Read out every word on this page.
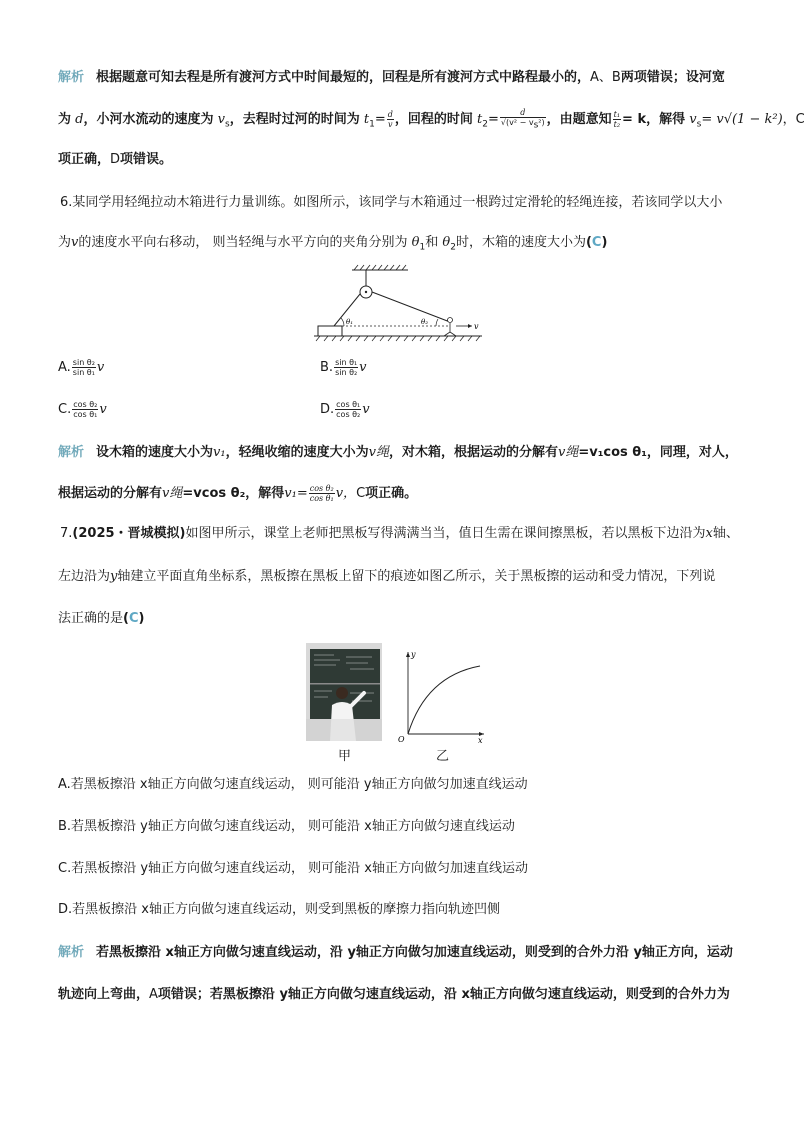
解析 根据题意可知去程是所有渡河方式中时间最短的，回程是所有渡河方式中路程最小的，A、B两项错误；设河宽
为 d，小河水流动的速度为 $v_s$，去程时过河的时间为 $t_1= \frac{d}{v}$ ，回程的时间 $t_2= \frac{d}{\text{√(v² − vs²)}}$ ，由题意知 $\frac{\text{t₁}}{\text{t₂}} = k$，解得 $v_s= v√(1 - k^2)$，C
项正确，D项错误。
6.某同学用轻绳拉动木箱进行力量训练。如图所示，该同学与木箱通过一根跨过定滑轮的轻绳连接，若该同学以大小
为v的速度水平向右移动， 则当轻绳与水平方向的夹角分别为 $\theta_1$和 $\theta_2$时，木箱的速度大小为(C)
θ₁	θ₂	v
A. $\frac{\text{sin θ₂}}{\text{sin θ₁}}$ v	B. $\frac{\text{sin θ₁}}{\text{sin θ₂}}$ v
C. $\frac{\text{cos θ₂}}{\text{cos θ₁}}$ v	D. $\frac{\text{cos θ₁}}{\text{cos θ₂}}$ v
解析 设木箱的速度大小为v₁，轻绳收缩的速度大小为v绳，对木箱，根据运动的分解有v绳=v₁cos θ₁，同理，对人，
根据运动的分解有v绳=vcos θ₂，解得$v_1= \frac{\text{cos θ₂}}{\text{cos θ₁}}$ v，C项正确。
7.(2025・晋城模拟)如图甲所示，课堂上老师把黑板写得满满当当，值日生需在课间擦黑板，若以黑板下边沿为x轴、
左边沿为y轴建立平面直角坐标系，黑板擦在黑板上留下的痕迹如图乙所示，关于黑板擦的运动和受力情况，下列说
法正确的是(C)
甲
y
O	x
乙
A.若黑板擦沿 x轴正方向做匀速直线运动， 则可能沿 y轴正方向做匀加速直线运动
B.若黑板擦沿 y轴正方向做匀速直线运动， 则可能沿 x轴正方向做匀速直线运动
C.若黑板擦沿 y轴正方向做匀速直线运动， 则可能沿 x轴正方向做匀加速直线运动
D.若黑板擦沿 x轴正方向做匀速直线运动，则受到黑板的摩擦力指向轨迹凹侧
解析 若黑板擦沿 x轴正方向做匀速直线运动，沿 y轴正方向做匀加速直线运动，则受到的合外力沿 y轴正方向，运动
轨迹向上弯曲，A项错误；若黑板擦沿 y轴正方向做匀速直线运动，沿 x轴正方向做匀速直线运动，则受到的合外力为
